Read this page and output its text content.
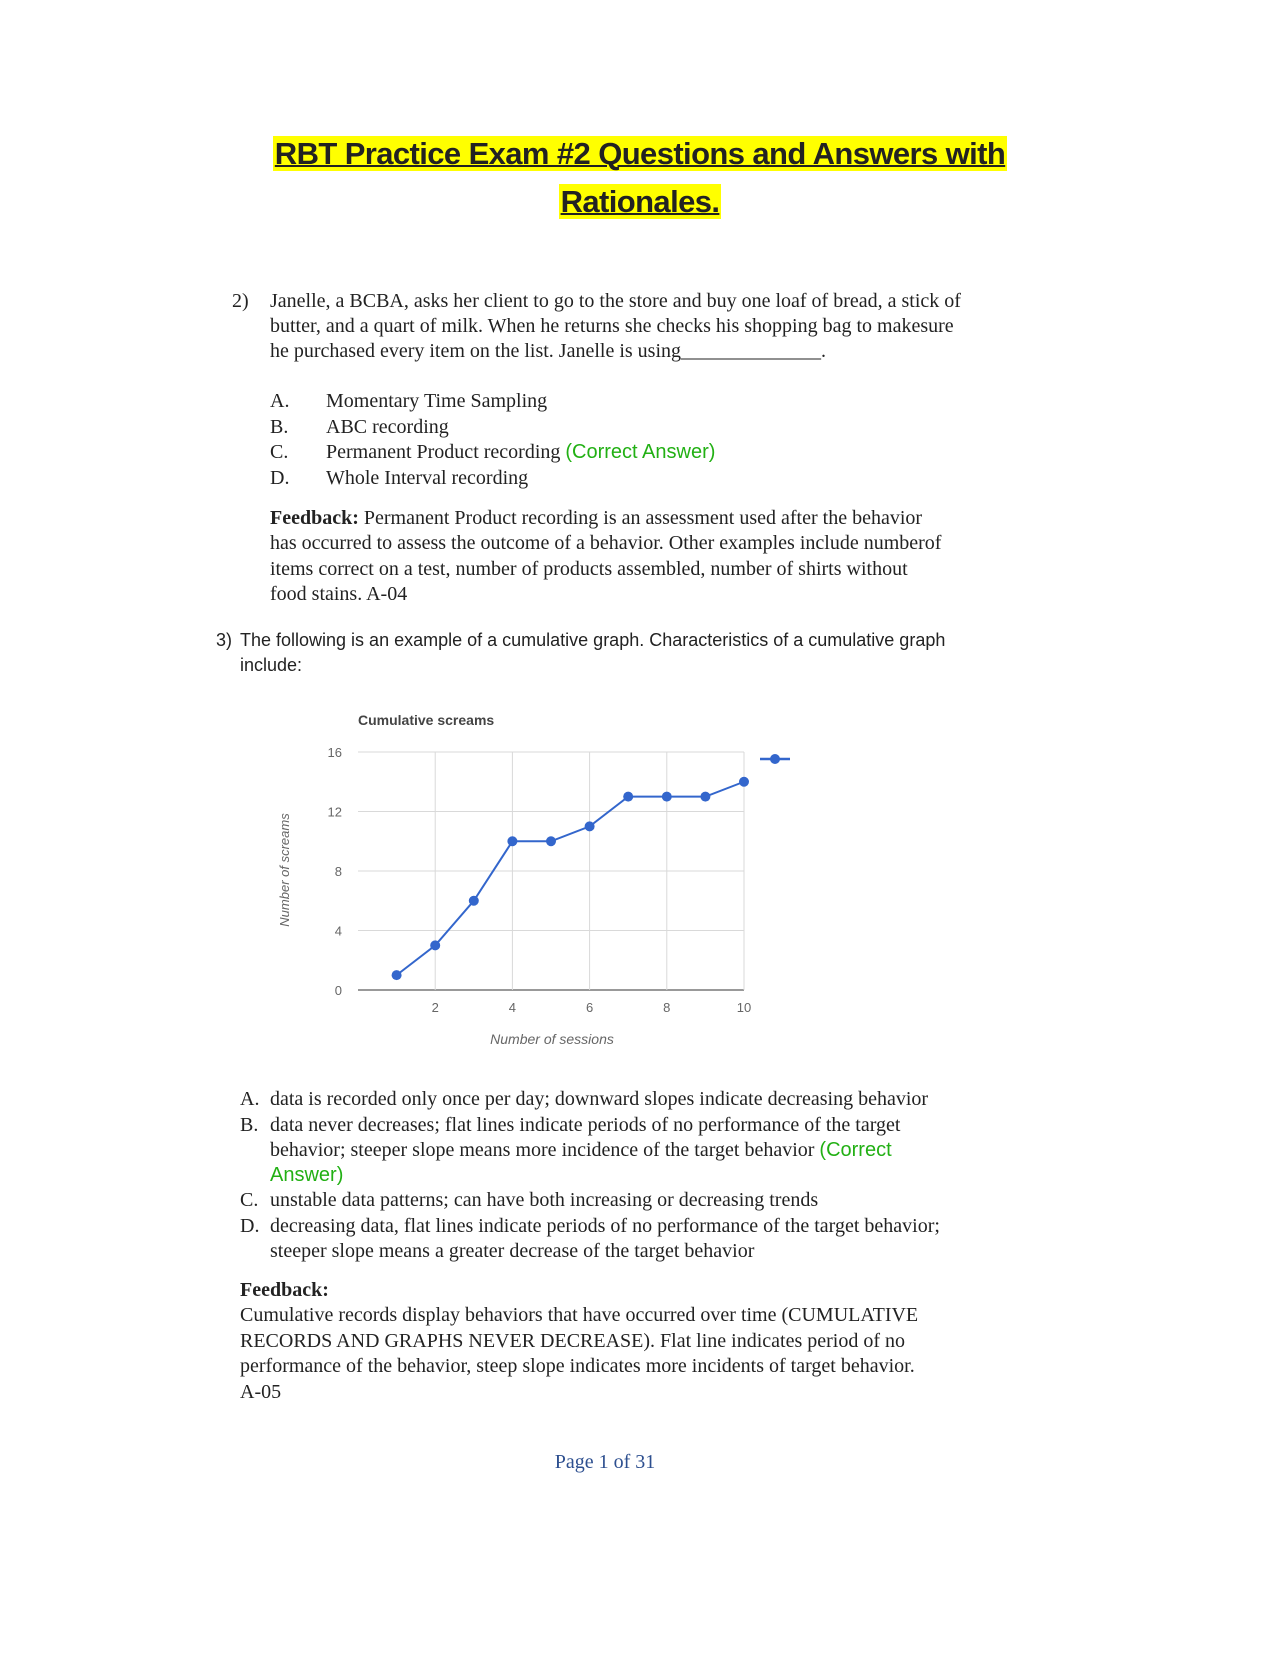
RBT Practice Exam #2 Questions and Answers with
Rationales.
2) Janelle, a BCBA, asks her client to go to the store and buy one loaf of bread, a stick of
butter, and a quart of milk. When he returns she checks his shopping bag to makesure
he purchased every item on the list. Janelle is using______________.
A. Momentary Time Sampling
B. ABC recording
C. Permanent Product recording (Correct Answer)
D. Whole Interval recording
Feedback: Permanent Product recording is an assessment used after the behavior
has occurred to assess the outcome of a behavior. Other examples include numberof
items correct on a test, number of products assembled, number of shirts without
food stains. A-04
3) The following is an example of a cumulative graph. Characteristics of a cumulative graph
include:
Cumulative screams
0
4
8
12
16
2	4	6	8	10
Number of screams
Number of sessions
A. data is recorded only once per day; downward slopes indicate decreasing behavior
B. data never decreases; flat lines indicate periods of no performance of the target
behavior; steeper slope means more incidence of the target behavior (Correct
Answer)
C. unstable data patterns; can have both increasing or decreasing trends
D. decreasing data, flat lines indicate periods of no performance of the target behavior;
steeper slope means a greater decrease of the target behavior
Feedback:
Cumulative records display behaviors that have occurred over time (CUMULATIVE
RECORDS AND GRAPHS NEVER DECREASE). Flat line indicates period of no
performance of the behavior, steep slope indicates more incidents of target behavior.
A-05
Page 1 of 31
